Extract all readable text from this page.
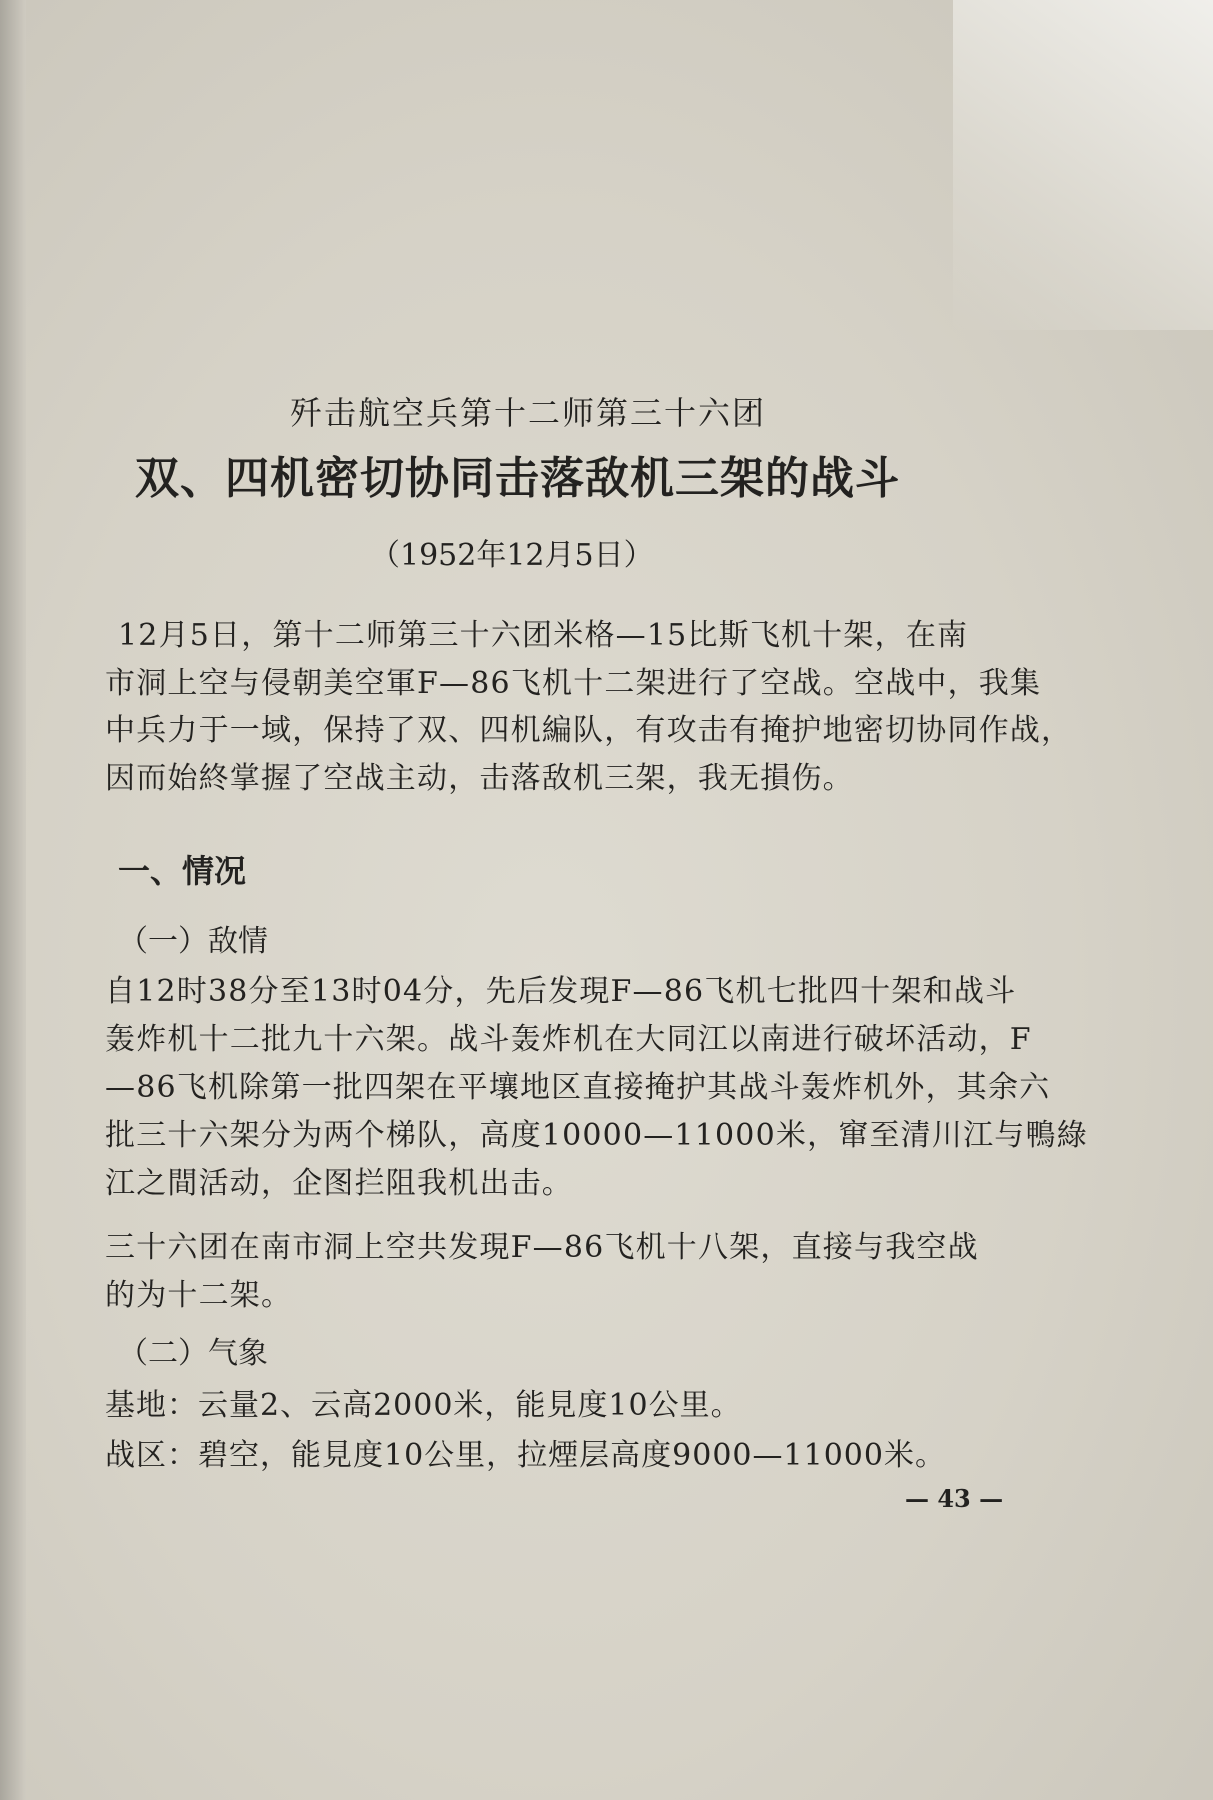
歼击航空兵第十二师第三十六团
双、四机密切协同击落敌机三架的战斗
（1952年12月5日）
12月5日，第十二师第三十六团米格—15比斯飞机十架，在南
市洞上空与侵朝美空軍F—86飞机十二架进行了空战。空战中，我集
中兵力于一域，保持了双、四机編队，有攻击有掩护地密切协同作战，
因而始終掌握了空战主动，击落敌机三架，我无損伤。
一、情况
（一）敌情
自12时38分至13时04分，先后发現F—86飞机七批四十架和战斗
轰炸机十二批九十六架。战斗轰炸机在大同江以南进行破坏活动，F
—86飞机除第一批四架在平壤地区直接掩护其战斗轰炸机外，其余六
批三十六架分为两个梯队，高度10000—11000米，窜至清川江与鴨綠
江之間活动，企图拦阻我机出击。
三十六团在南市洞上空共发現F—86飞机十八架，直接与我空战
的为十二架。
（二）气象
基地：云量2、云高2000米，能見度10公里。
战区：碧空，能見度10公里，拉煙层高度9000—11000米。
— 43 —
